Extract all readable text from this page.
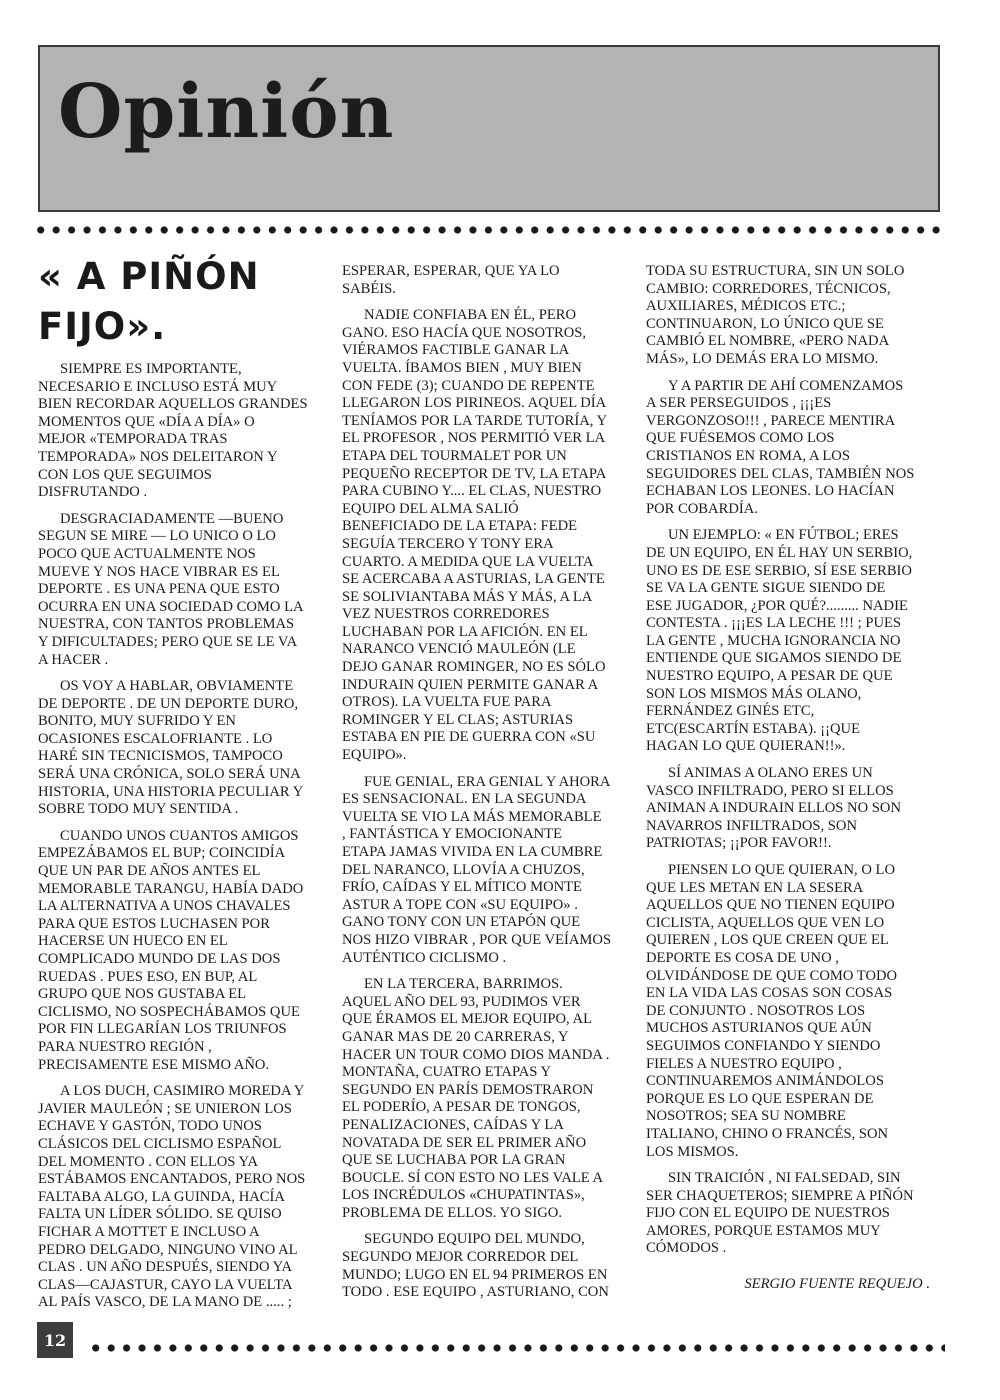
Opinión
« A PIÑÓN
FIJO».

SIEMPRE ES IMPORTANTE,
NECESARIO E INCLUSO ESTÁ MUY
BIEN RECORDAR AQUELLOS GRANDES
MOMENTOS QUE «DÍA A DÍA» O
MEJOR «TEMPORADA TRAS
TEMPORADA» NOS DELEITARON Y
CON LOS QUE SEGUIMOS
DISFRUTANDO .

DESGRACIADAMENTE —BUENO
SEGUN SE MIRE — LO UNICO O LO
POCO QUE ACTUALMENTE NOS
MUEVE Y NOS HACE VIBRAR ES EL
DEPORTE . ES UNA PENA QUE ESTO
OCURRA EN UNA SOCIEDAD COMO LA
NUESTRA, CON TANTOS PROBLEMAS
Y DIFICULTADES; PERO QUE SE LE VA
A HACER .

OS VOY A HABLAR, OBVIAMENTE
DE DEPORTE . DE UN DEPORTE DURO,
BONITO, MUY SUFRIDO Y EN
OCASIONES ESCALOFRIANTE . LO
HARÉ SIN TECNICISMOS, TAMPOCO
SERÁ UNA CRÓNICA, SOLO SERÁ UNA
HISTORIA, UNA HISTORIA PECULIAR Y
SOBRE TODO MUY SENTIDA .

CUANDO UNOS CUANTOS AMIGOS
EMPEZÁBAMOS EL BUP; COINCIDÍA
QUE UN PAR DE AÑOS ANTES EL
MEMORABLE TARANGU, HABÍA DADO
LA ALTERNATIVA A UNOS CHAVALES
PARA QUE ESTOS LUCHASEN POR
HACERSE UN HUECO EN EL
COMPLICADO MUNDO DE LAS DOS
RUEDAS . PUES ESO, EN BUP, AL
GRUPO QUE NOS GUSTABA EL
CICLISMO, NO SOSPECHÁBAMOS QUE
POR FIN LLEGARÍAN LOS TRIUNFOS
PARA NUESTRO REGIÓN ,
PRECISAMENTE ESE MISMO AÑO.

A LOS DUCH, CASIMIRO MOREDA Y
JAVIER MAULEÓN ; SE UNIERON LOS
ECHAVE Y GASTÓN, TODO UNOS
CLÁSICOS DEL CICLISMO ESPAÑOL
DEL MOMENTO . CON ELLOS YA
ESTÁBAMOS ENCANTADOS, PERO NOS
FALTABA ALGO, LA GUINDA, HACÍA
FALTA UN LÍDER SÓLIDO. SE QUISO
FICHAR A MOTTET E INCLUSO A
PEDRO DELGADO, NINGUNO VINO AL
CLAS . UN AÑO DESPUÉS, SIENDO YA
CLAS—CAJASTUR, CAYO LA VUELTA
AL PAÍS VASCO, DE LA MANO DE ..... ;

ESPERAR, ESPERAR, QUE YA LO
SABÉIS.

NADIE CONFIABA EN ÉL, PERO
GANO. ESO HACÍA QUE NOSOTROS,
VIÉRAMOS FACTIBLE GANAR LA
VUELTA. ÍBAMOS BIEN , MUY BIEN
CON FEDE (3); CUANDO DE REPENTE
LLEGARON LOS PIRINEOS. AQUEL DÍA
TENÍAMOS POR LA TARDE TUTORÍA, Y
EL PROFESOR , NOS PERMITIÓ VER LA
ETAPA DEL TOURMALET POR UN
PEQUEÑO RECEPTOR DE TV, LA ETAPA
PARA CUBINO Y.... EL CLAS, NUESTRO
EQUIPO DEL ALMA SALIÓ
BENEFICIADO DE LA ETAPA: FEDE
SEGUÍA TERCERO Y TONY ERA
CUARTO. A MEDIDA QUE LA VUELTA
SE ACERCABA A ASTURIAS, LA GENTE
SE SOLIVIANTABA MÁS Y MÁS, A LA
VEZ NUESTROS CORREDORES
LUCHABAN POR LA AFICIÓN. EN EL
NARANCO VENCIÓ MAULEÓN (LE
DEJO GANAR ROMINGER, NO ES SÓLO
INDURAIN QUIEN PERMITE GANAR A
OTROS). LA VUELTA FUE PARA
ROMINGER Y EL CLAS; ASTURIAS
ESTABA EN PIE DE GUERRA CON «SU
EQUIPO».

FUE GENIAL, ERA GENIAL Y AHORA
ES SENSACIONAL. EN LA SEGUNDA
VUELTA SE VIO LA MÁS MEMORABLE
, FANTÁSTICA Y EMOCIONANTE
ETAPA JAMAS VIVIDA EN LA CUMBRE
DEL NARANCO, LLOVÍA A CHUZOS,
FRÍO, CAÍDAS Y EL MÍTICO MONTE
ASTUR A TOPE CON «SU EQUIPO» .
GANO TONY CON UN ETAPÓN QUE
NOS HIZO VIBRAR , POR QUE VEÍAMOS
AUTÉNTICO CICLISMO .

EN LA TERCERA, BARRIMOS.
AQUEL AÑO DEL 93, PUDIMOS VER
QUE ÉRAMOS EL MEJOR EQUIPO, AL
GANAR MAS DE 20 CARRERAS, Y
HACER UN TOUR COMO DIOS MANDA .
MONTAÑA, CUATRO ETAPAS Y
SEGUNDO EN PARÍS DEMOSTRARON
EL PODERÍO, A PESAR DE TONGOS,
PENALIZACIONES, CAÍDAS Y LA
NOVATADA DE SER EL PRIMER AÑO
QUE SE LUCHABA POR LA GRAN
BOUCLE. SÍ CON ESTO NO LES VALE A
LOS INCRÉDULOS «CHUPATINTAS»,
PROBLEMA DE ELLOS. YO SIGO.

SEGUNDO EQUIPO DEL MUNDO,
SEGUNDO MEJOR CORREDOR DEL
MUNDO; LUGO EN EL 94 PRIMEROS EN
TODO . ESE EQUIPO , ASTURIANO, CON

TODA SU ESTRUCTURA, SIN UN SOLO
CAMBIO: CORREDORES, TÉCNICOS,
AUXILIARES, MÉDICOS ETC.;
CONTINUARON, LO ÚNICO QUE SE
CAMBIÓ EL NOMBRE, «PERO NADA
MÁS», LO DEMÁS ERA LO MISMO.

Y A PARTIR DE AHÍ COMENZAMOS
A SER PERSEGUIDOS , ¡¡¡ES
VERGONZOSO!!! , PARECE MENTIRA
QUE FUÉSEMOS COMO LOS
CRISTIANOS EN ROMA, A LOS
SEGUIDORES DEL CLAS, TAMBIÉN NOS
ECHABAN LOS LEONES. LO HACÍAN
POR COBARDÍA.

UN EJEMPLO: « EN FÚTBOL; ERES
DE UN EQUIPO, EN ÉL HAY UN SERBIO,
UNO ES DE ESE SERBIO, SÍ ESE SERBIO
SE VA LA GENTE SIGUE SIENDO DE
ESE JUGADOR, ¿POR QUÉ?......... NADIE
CONTESTA . ¡¡¡ES LA LECHE !!! ; PUES
LA GENTE , MUCHA IGNORANCIA NO
ENTIENDE QUE SIGAMOS SIENDO DE
NUESTRO EQUIPO, A PESAR DE QUE
SON LOS MISMOS MÁS OLANO,
FERNÁNDEZ GINÉS ETC,
ETC(ESCARTÍN ESTABA). ¡¡QUE
HAGAN LO QUE QUIERAN!!».

SÍ ANIMAS A OLANO ERES UN
VASCO INFILTRADO, PERO SI ELLOS
ANIMAN A INDURAIN ELLOS NO SON
NAVARROS INFILTRADOS, SON
PATRIOTAS; ¡¡POR FAVOR!!.

PIENSEN LO QUE QUIERAN, O LO
QUE LES METAN EN LA SESERA
AQUELLOS QUE NO TIENEN EQUIPO
CICLISTA, AQUELLOS QUE VEN LO
QUIEREN , LOS QUE CREEN QUE EL
DEPORTE ES COSA DE UNO ,
OLVIDÁNDOSE DE QUE COMO TODO
EN LA VIDA LAS COSAS SON COSAS
DE CONJUNTO . NOSOTROS LOS
MUCHOS ASTURIANOS QUE AÚN
SEGUIMOS CONFIANDO Y SIENDO
FIELES A NUESTRO EQUIPO ,
CONTINUAREMOS ANIMÁNDOLOS
PORQUE ES LO QUE ESPERAN DE
NOSOTROS; SEA SU NOMBRE
ITALIANO, CHINO O FRANCÉS, SON
LOS MISMOS.

SIN TRAICIÓN , NI FALSEDAD, SIN
SER CHAQUETEROS; SIEMPRE A PIÑÓN
FIJO CON EL EQUIPO DE NUESTROS
AMORES, PORQUE ESTAMOS MUY
CÓMODOS .

SERGIO FUENTE REQUEJO .

12
